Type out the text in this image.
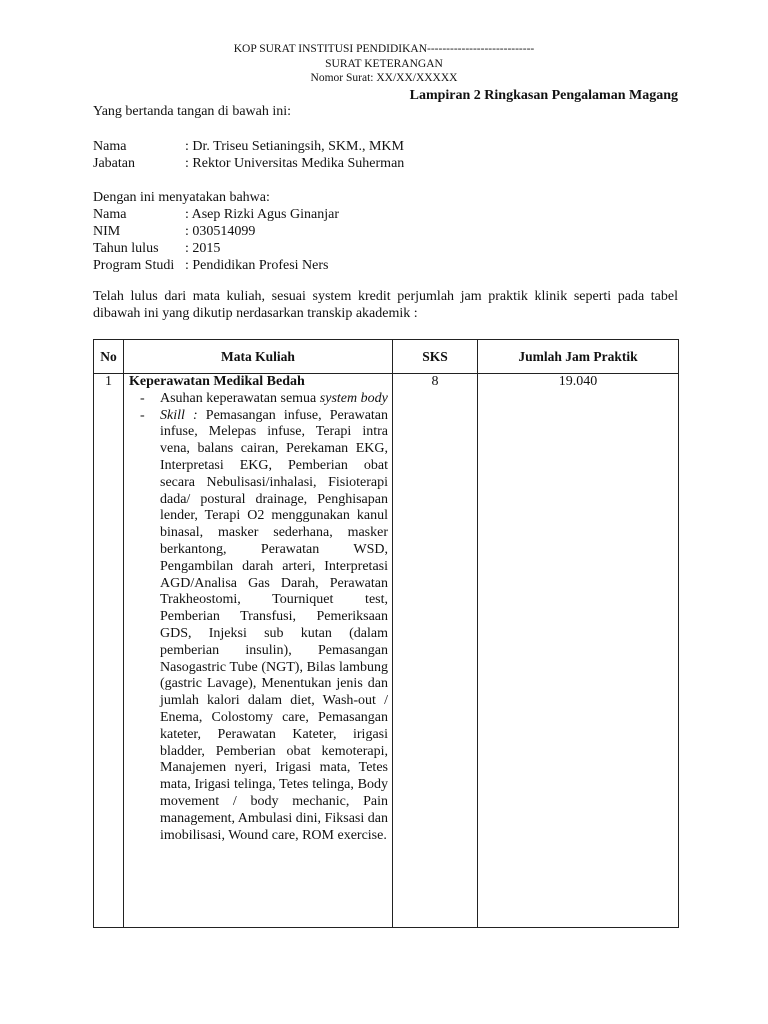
KOP SURAT INSTITUSI PENDIDIKAN----------------------------
SURAT KETERANGAN
Nomor Surat: XX/XX/XXXXX
Lampiran 2 Ringkasan Pengalaman Magang
Yang bertanda tangan di bawah ini:
Nama	: Dr. Triseu Setianingsih, SKM., MKM
Jabatan	: Rektor Universitas Medika Suherman
Dengan ini menyatakan bahwa:
Nama	: Asep Rizki Agus Ginanjar
NIM	: 030514099
Tahun lulus : 2015
Program Studi : Pendidikan Profesi Ners
Telah lulus dari mata kuliah, sesuai system kredit perjumlah jam praktik klinik seperti pada tabel dibawah ini yang dikutip nerdasarkan transkip akademik :
No	Mata Kuliah	SKS	Jumlah Jam Praktik
1	Keperawatan Medikal Bedah
- Asuhan keperawatan semua system body
- Skill : Pemasangan infuse, Perawatan infuse, Melepas infuse, Terapi intra vena, balans cairan, Perekaman EKG, Interpretasi EKG, Pemberian obat secara Nebulisasi/inhalasi, Fisioterapi dada/ postural drainage, Penghisapan lender, Terapi O2 menggunakan kanul binasal, masker sederhana, masker berkantong, Perawatan WSD, Pengambilan darah arteri, Interpretasi AGD/Analisa Gas Darah, Perawatan Trakheostomi, Tourniquet test, Pemberian Transfusi, Pemeriksaan GDS, Injeksi sub kutan (dalam pemberian insulin), Pemasangan Nasogastric Tube (NGT), Bilas lambung (gastric Lavage), Menentukan jenis dan jumlah kalori dalam diet, Wash-out / Enema, Colostomy care, Pemasangan kateter, Perawatan Kateter, irigasi bladder, Pemberian obat kemoterapi, Manajemen nyeri, Irigasi mata, Tetes mata, Irigasi telinga, Tetes telinga, Body movement / body mechanic, Pain management, Ambulasi dini, Fiksasi dan imobilisasi, Wound care, ROM exercise.	8	19.040
